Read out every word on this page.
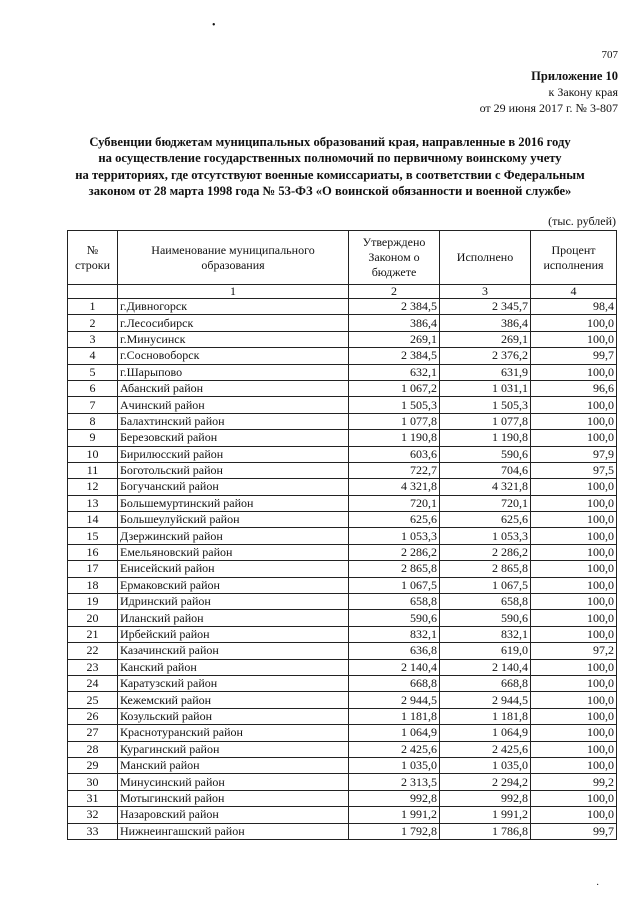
•
·
707
Приложение 10
к Закону края
от 29 июня 2017 г. № 3-807
Субвенции бюджетам муниципальных образований края, направленные в 2016 году
на осуществление государственных полномочий по первичному воинскому учету
на территориях, где отсутствуют военные комиссариаты, в соответствии с Федеральным
законом от 28 марта 1998 года № 53-ФЗ «О воинской обязанности и военной службе»
(тыс. рублей)
№ строки	Наименование муниципального образования	Утверждено Законом о бюджете	Исполнено	Процент исполнения
	1	2	3	4
1	г.Дивногорск	2 384,5	2 345,7	98,4
2	г.Лесосибирск	386,4	386,4	100,0
3	г.Минусинск	269,1	269,1	100,0
4	г.Сосновоборск	2 384,5	2 376,2	99,7
5	г.Шарыпово	632,1	631,9	100,0
6	Абанский район	1 067,2	1 031,1	96,6
7	Ачинский район	1 505,3	1 505,3	100,0
8	Балахтинский район	1 077,8	1 077,8	100,0
9	Березовский район	1 190,8	1 190,8	100,0
10	Бирилюсский район	603,6	590,6	97,9
11	Боготольский район	722,7	704,6	97,5
12	Богучанский район	4 321,8	4 321,8	100,0
13	Большемуртинский район	720,1	720,1	100,0
14	Большеулуйский район	625,6	625,6	100,0
15	Дзержинский район	1 053,3	1 053,3	100,0
16	Емельяновский район	2 286,2	2 286,2	100,0
17	Енисейский район	2 865,8	2 865,8	100,0
18	Ермаковский район	1 067,5	1 067,5	100,0
19	Идринский район	658,8	658,8	100,0
20	Иланский район	590,6	590,6	100,0
21	Ирбейский район	832,1	832,1	100,0
22	Казачинский район	636,8	619,0	97,2
23	Канский район	2 140,4	2 140,4	100,0
24	Каратузский район	668,8	668,8	100,0
25	Кежемский район	2 944,5	2 944,5	100,0
26	Козульский район	1 181,8	1 181,8	100,0
27	Краснотуранский район	1 064,9	1 064,9	100,0
28	Курагинский район	2 425,6	2 425,6	100,0
29	Манский район	1 035,0	1 035,0	100,0
30	Минусинский район	2 313,5	2 294,2	99,2
31	Мотыгинский район	992,8	992,8	100,0
32	Назаровский район	1 991,2	1 991,2	100,0
33	Нижнеингашский район	1 792,8	1 786,8	99,7
